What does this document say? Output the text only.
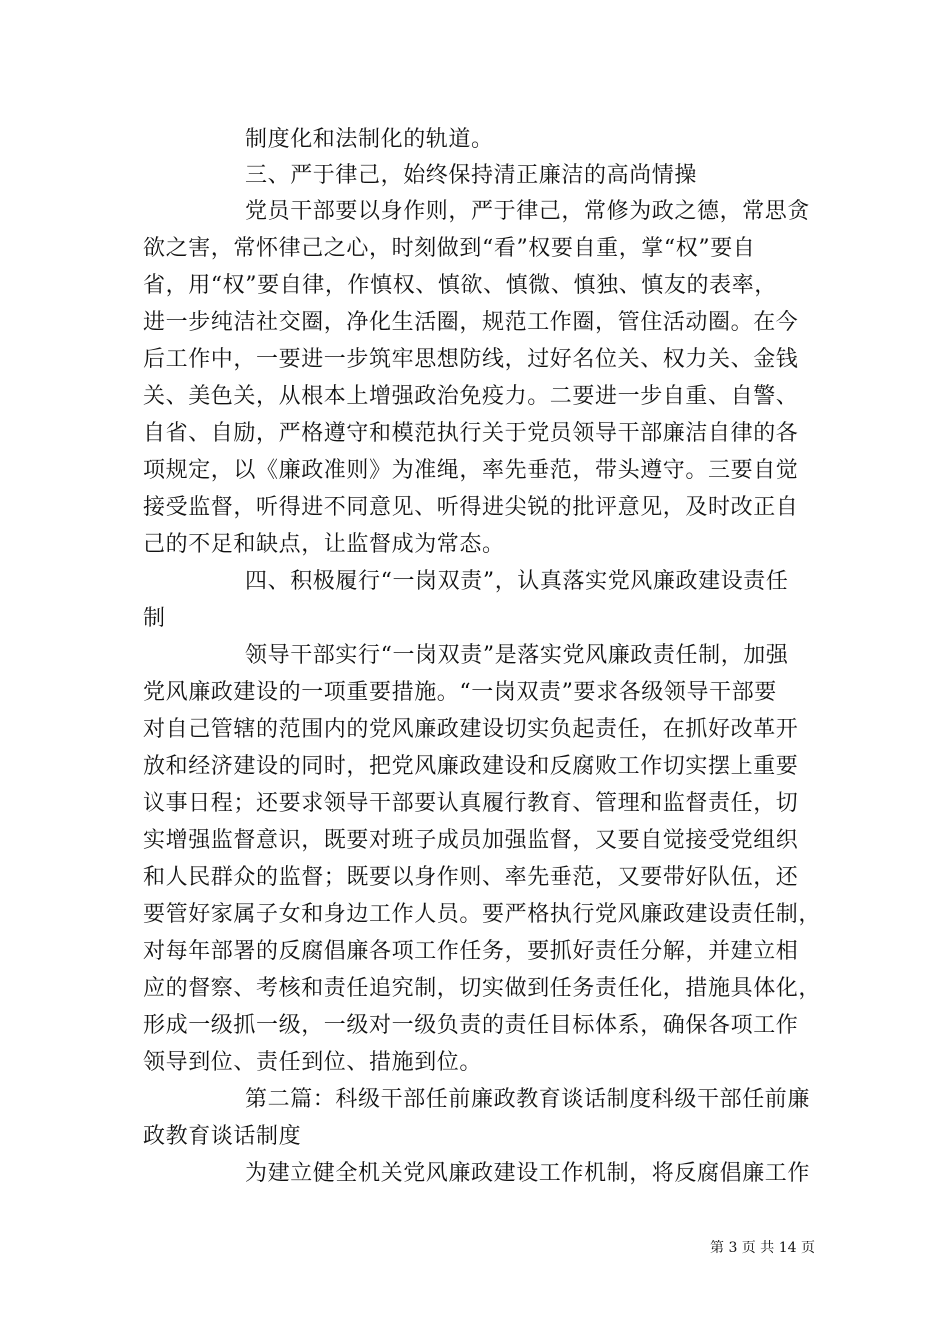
制度化和法制化的轨道。
三、严于律己，始终保持清正廉洁的高尚情操
党员干部要以身作则，严于律己，常修为政之德，常思贪
欲之害，常怀律己之心，时刻做到“看”权要自重，掌“权”要自
省，用“权”要自律，作慎权、慎欲、慎微、慎独、慎友的表率，
进一步纯洁社交圈，净化生活圈，规范工作圈，管住活动圈。在今
后工作中，一要进一步筑牢思想防线，过好名位关、权力关、金钱
关、美色关，从根本上增强政治免疫力。二要进一步自重、自警、
自省、自励，严格遵守和模范执行关于党员领导干部廉洁自律的各
项规定，以《廉政准则》为准绳，率先垂范，带头遵守。三要自觉
接受监督，听得进不同意见、听得进尖锐的批评意见，及时改正自
己的不足和缺点，让监督成为常态。
四、积极履行“一岗双责”，认真落实党风廉政建设责任
制
领导干部实行“一岗双责”是落实党风廉政责任制，加强
党风廉政建设的一项重要措施。“一岗双责”要求各级领导干部要
对自己管辖的范围内的党风廉政建设切实负起责任，在抓好改革开
放和经济建设的同时，把党风廉政建设和反腐败工作切实摆上重要
议事日程；还要求领导干部要认真履行教育、管理和监督责任，切
实增强监督意识，既要对班子成员加强监督，又要自觉接受党组织
和人民群众的监督；既要以身作则、率先垂范，又要带好队伍，还
要管好家属子女和身边工作人员。要严格执行党风廉政建设责任制，
对每年部署的反腐倡廉各项工作任务，要抓好责任分解，并建立相
应的督察、考核和责任追究制，切实做到任务责任化，措施具体化，
形成一级抓一级，一级对一级负责的责任目标体系，确保各项工作
领导到位、责任到位、措施到位。
第二篇：科级干部任前廉政教育谈话制度科级干部任前廉
政教育谈话制度
为建立健全机关党风廉政建设工作机制，将反腐倡廉工作
第 3 页 共 14 页
